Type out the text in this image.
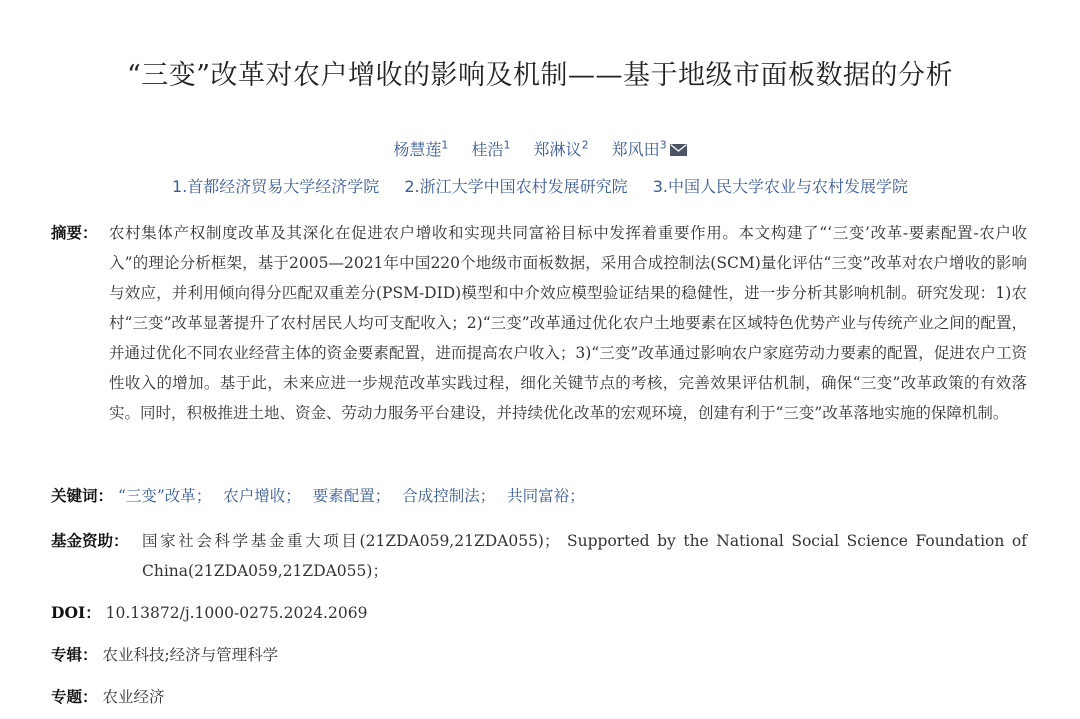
“三变”改革对农户增收的影响及机制——基于地级市面板数据的分析
杨慧莲$^1$ 桂浩$^1$ 郑淋议$^2$ 郑风田$^3$
1.首都经济贸易大学经济学院 2.浙江大学中国农村发展研究院 3.中国人民大学农业与农村发展学院
摘要： 农村集体产权制度改革及其深化在促进农户增收和实现共同富裕目标中发挥着重要作用。本文构建了“‘三变’改革-要素配置-农户收入”的理论分析框架，基于2005—2021年中国220个地级市面板数据，采用合成控制法(SCM)量化评估“三变”改革对农户增收的影响与效应，并利用倾向得分匹配双重差分(PSM-DID)模型和中介效应模型验证结果的稳健性，进一步分析其影响机制。研究发现：1)农村“三变”改革显著提升了农村居民人均可支配收入；2)“三变”改革通过优化农户土地要素在区域特色优势产业与传统产业之间的配置，并通过优化不同农业经营主体的资金要素配置，进而提高农户收入；3)“三变”改革通过影响农户家庭劳动力要素的配置，促进农户工资性收入的增加。基于此，未来应进一步规范改革实践过程，细化关键节点的考核，完善效果评估机制，确保“三变”改革政策的有效落实。同时，积极推进土地、资金、劳动力服务平台建设，并持续优化改革的宏观环境，创建有利于“三变”改革落地实施的保障机制。
关键词： “三变”改革； 农户增收； 要素配置； 合成控制法； 共同富裕；
基金资助： 国家社会科学基金重大项目(21ZDA059,21ZDA055)； Supported by the National Social Science Foundation of China(21ZDA059,21ZDA055)；
DOI： 10.13872/j.1000-0275.2024.2069
专辑： 农业科技;经济与管理科学
专题： 农业经济
